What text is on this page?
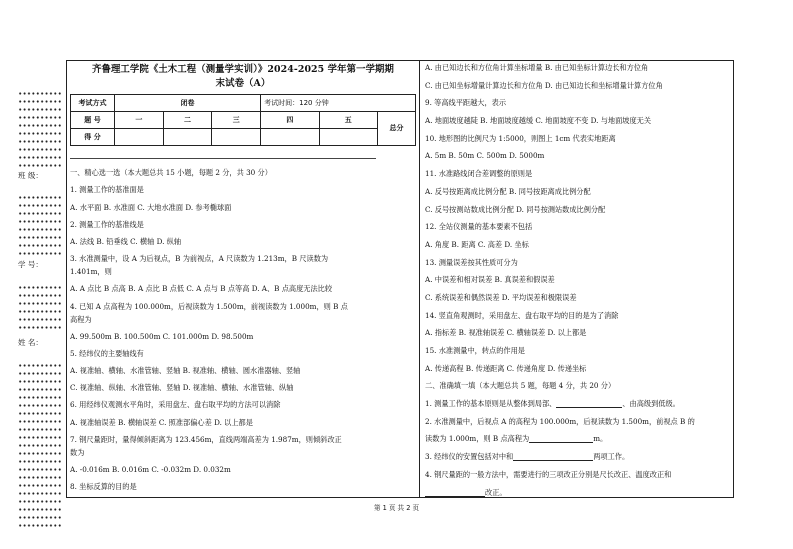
班 级：
学 号：
姓 名：
齐鲁理工学院《土木工程（测量学实训）》2024-2025 学年第一学期期
末试卷（A）
考试方式	闭卷			考试时间：120 分钟		
题 号	一	二	三	四	五	总分
得 分						
一、精心选一选（本大题总共 15 小题，每题 2 分，共 30 分）
1. 测量工作的基准面是
A. 水平面 B. 水准面 C. 大地水准面 D. 参考椭球面
2. 测量工作的基准线是
A. 法线 B. 铅垂线 C. 横轴 D. 纵轴
3. 水准测量中，设 A 为后视点，B 为前视点，A 尺读数为 1.213m，B 尺读数为
1.401m，则
A. A 点比 B 点高 B. A 点比 B 点低 C. A 点与 B 点等高 D. A、B 点高度无法比较
4. 已知 A 点高程为 100.000m，后视读数为 1.500m，前视读数为 1.000m，则 B 点
高程为
A. 99.500m B. 100.500m C. 101.000m D. 98.500m
5. 经纬仪的主要轴线有
A. 视准轴、横轴、水准管轴、竖轴 B. 视准轴、横轴、圆水准器轴、竖轴
C. 视准轴、纵轴、水准管轴、竖轴 D. 视准轴、横轴、水准管轴、纵轴
6. 用经纬仪观测水平角时，采用盘左、盘右取平均的方法可以消除
A. 视准轴误差 B. 横轴误差 C. 照准部偏心差 D. 以上都是
7. 钢尺量距时，量得倾斜距离为 123.456m，直线两端高差为 1.987m，则倾斜改正
数为
A. -0.016m B. 0.016m C. -0.032m D. 0.032m
8. 坐标反算的目的是
A. 由已知边长和方位角计算坐标增量 B. 由已知坐标计算边长和方位角
C. 由已知坐标增量计算边长和方位角 D. 由已知边长和坐标增量计算方位角
9. 等高线平距越大，表示
A. 地面坡度越陡 B. 地面坡度越缓 C. 地面坡度不变 D. 与地面坡度无关
10. 地形图的比例尺为 1:5000，则图上 1cm 代表实地距离
A. 5m B. 50m C. 500m D. 5000m
11. 水准路线闭合差调整的原则是
A. 反号按距离成比例分配 B. 同号按距离成比例分配
C. 反号按测站数成比例分配 D. 同号按测站数成比例分配
12. 全站仪测量的基本要素不包括
A. 角度 B. 距离 C. 高差 D. 坐标
13. 测量误差按其性质可分为
A. 中误差和相对误差 B. 真误差和假误差
C. 系统误差和偶然误差 D. 平均误差和极限误差
14. 竖直角观测时，采用盘左、盘右取平均的目的是为了消除
A. 指标差 B. 视准轴误差 C. 横轴误差 D. 以上都是
15. 水准测量中，转点的作用是
A. 传递高程 B. 传递距离 C. 传递角度 D. 传递坐标
二、准确填一填（本大题总共 5 题，每题 4 分，共 20 分）
1. 测量工作的基本原则是从整体到局部、	、由高级到低级。
2. 水准测量中，后视点 A 的高程为 100.000m，后视读数为 1.500m，前视点 B 的
读数为 1.000m，则 B 点高程为	m。
3. 经纬仪的安置包括对中和	两项工作。
4. 钢尺量距的一般方法中，需要进行的三项改正分别是尺长改正、温度改正和
改正。
第 1 页 共 2 页
